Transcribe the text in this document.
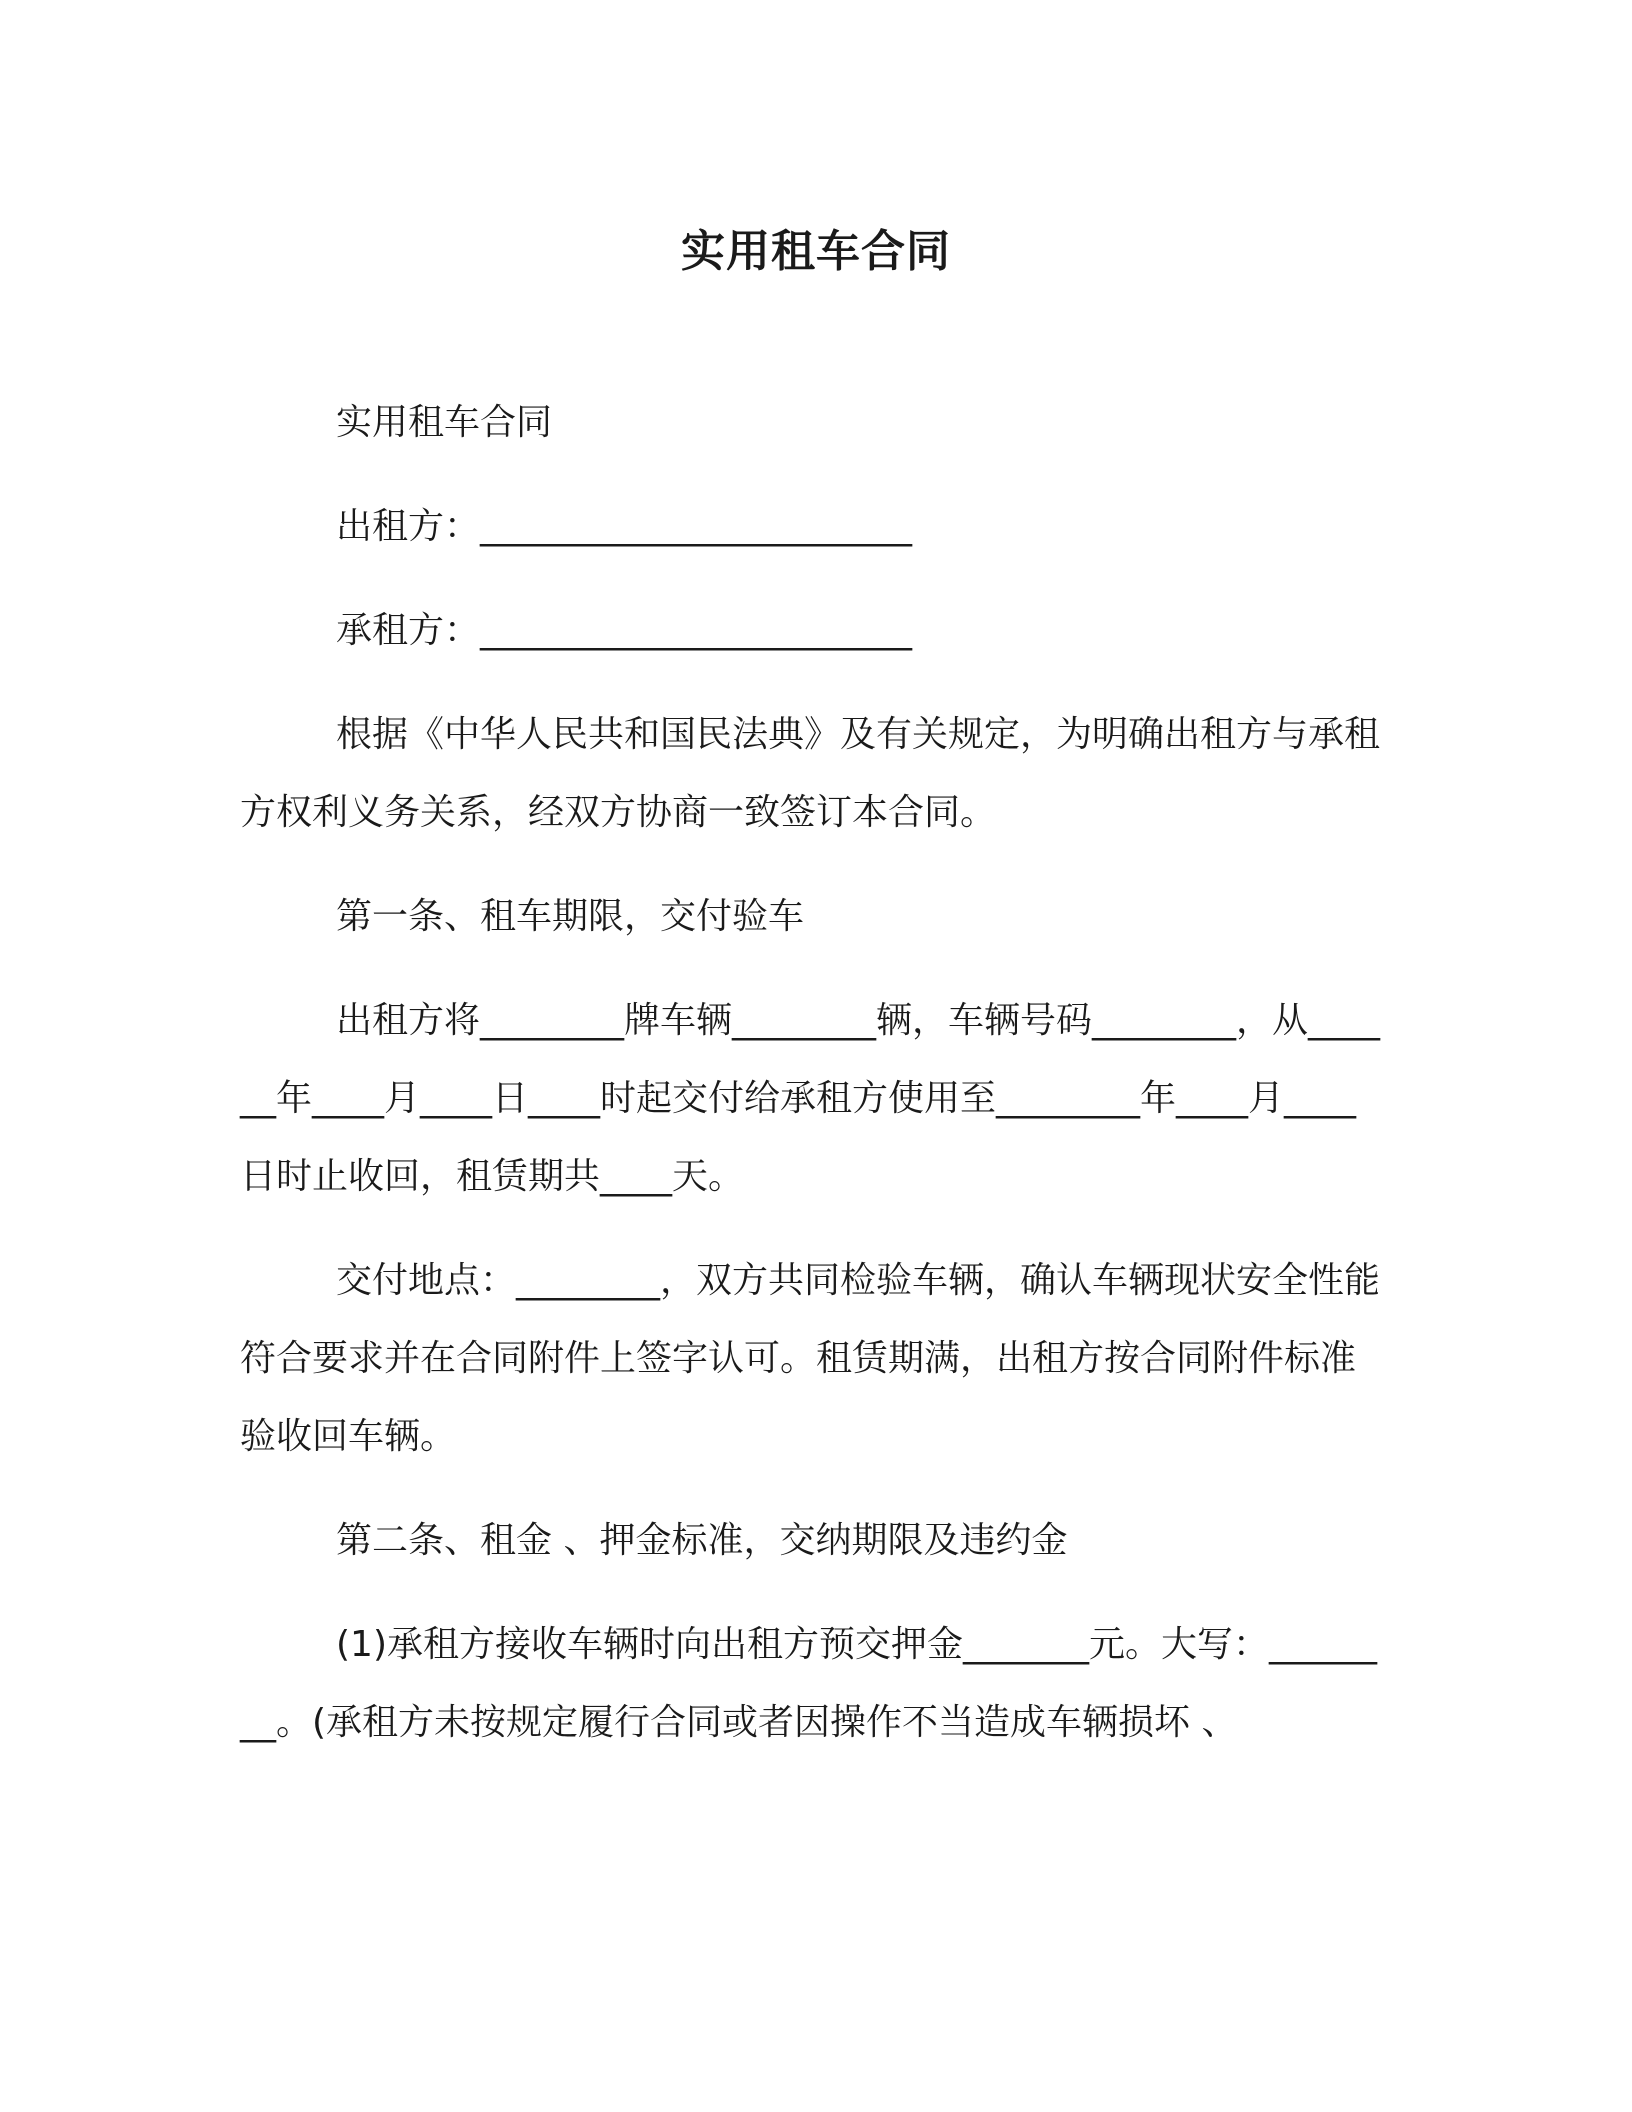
实用租车合同

实用租车合同

出租方：________________________

承租方：________________________

根据《中华人民共和国民法典》及有关规定，为明确出租方与承租方权利义务关系，经双方协商一致签订本合同。

第一条、租车期限，交付验车

出租方将________牌车辆________辆，车辆号码________，从______年____月____日____时起交付给承租方使用至________年____月____日时止收回，租赁期共____天。

交付地点：________，双方共同检验车辆，确认车辆现状安全性能符合要求并在合同附件上签字认可。租赁期满，出租方按合同附件标准验收回车辆。

第二条、租金 、押金标准，交纳期限及违约金

(1)承租方接收车辆时向出租方预交押金_______元。大写：________。(承租方未按规定履行合同或者因操作不当造成车辆损坏 、
